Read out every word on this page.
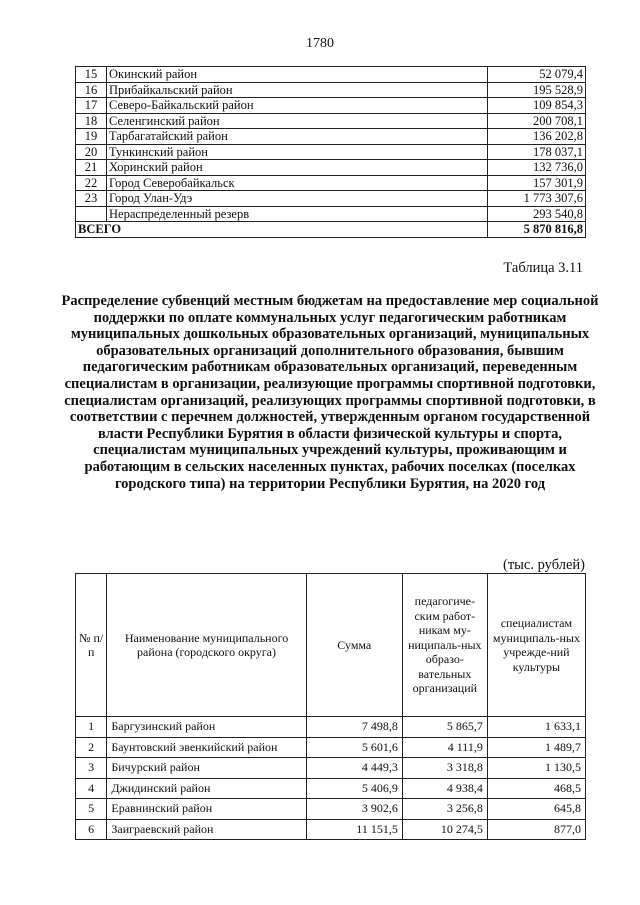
1780
15	Окинский район	52 079,4
16	Прибайкальский район	195 528,9
17	Северо-Байкальский район	109 854,3
18	Селенгинский район	200 708,1
19	Тарбагатайский район	136 202,8
20	Тункинский район	178 037,1
21	Хоринский район	132 736,0
22	Город Северобайкальск	157 301,9
23	Город Улан-Удэ	1 773 307,6
	Нераспределенный резерв	293 540,8
ВСЕГО		5 870 816,8
Таблица 3.11
Распределение субвенций местным бюджетам на предоставление мер социальной поддержки по оплате коммунальных услуг педагогическим работникам муниципальных дошкольных образовательных организаций, муниципальных образовательных организаций дополнительного образования, бывшим педагогическим работникам образовательных организаций, переведенным специалистам в организации, реализующие программы спортивной подготовки, специалистам организаций, реализующих программы спортивной подготовки, в соответствии с перечнем должностей, утвержденным органом государственной власти Республики Бурятия в области физической культуры и спорта, специалистам муниципальных учреждений культуры, проживающим и работающим в сельских населенных пунктах, рабочих поселках (поселках городского типа) на территории Республики Бурятия, на 2020 год
(тыс. рублей)
№ п/п	Наименование муниципального района (городского округа)	Сумма	педагогиче-ским работ-никам му-ниципаль-ных образо-вательных организаций	специалистам муниципаль-ных учрежде-ний культуры
1	Баргузинский район	7 498,8	5 865,7	1 633,1
2	Баунтовский эвенкийский район	5 601,6	4 111,9	1 489,7
3	Бичурский район	4 449,3	3 318,8	1 130,5
4	Джидинский район	5 406,9	4 938,4	468,5
5	Еравнинский район	3 902,6	3 256,8	645,8
6	Заиграевский район	11 151,5	10 274,5	877,0
